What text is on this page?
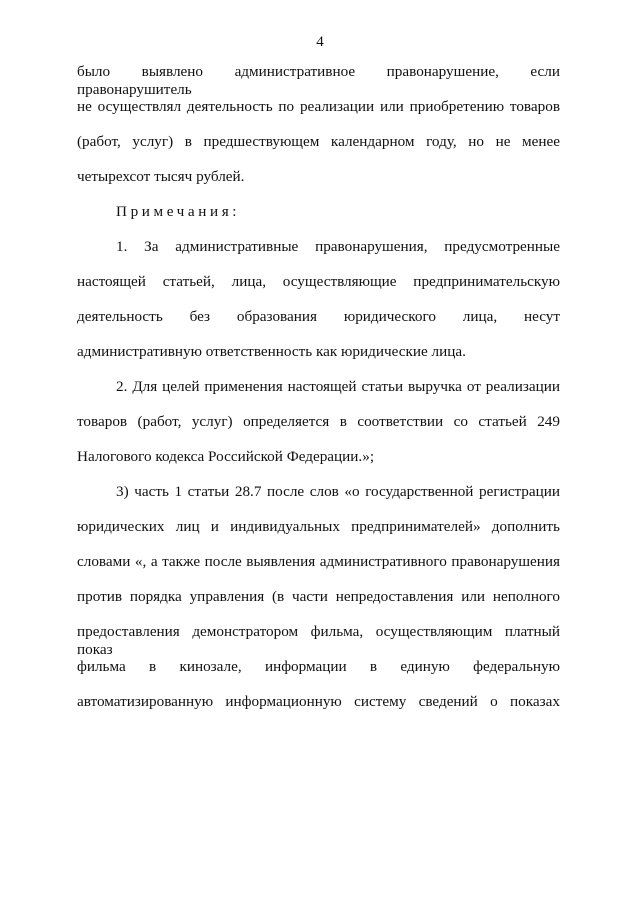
4
было выявлено административное правонарушение, если правонарушитель
не осуществлял деятельность по реализации или приобретению товаров
(работ, услуг) в предшествующем календарном году, но не менее
четырехсот тысяч рублей.
Примечания:
1. За административные правонарушения, предусмотренные
настоящей статьей, лица, осуществляющие предпринимательскую
деятельность без образования юридического лица, несут
административную ответственность как юридические лица.
2. Для целей применения настоящей статьи выручка от реализации
товаров (работ, услуг) определяется в соответствии со статьей 249
Налогового кодекса Российской Федерации.»;
3) часть 1 статьи 28.7 после слов «о государственной регистрации
юридических лиц и индивидуальных предпринимателей» дополнить
словами «, а также после выявления административного правонарушения
против порядка управления (в части непредоставления или неполного
предоставления демонстратором фильма, осуществляющим платный показ
фильма в кинозале, информации в единую федеральную
автоматизированную информационную систему сведений о показах
